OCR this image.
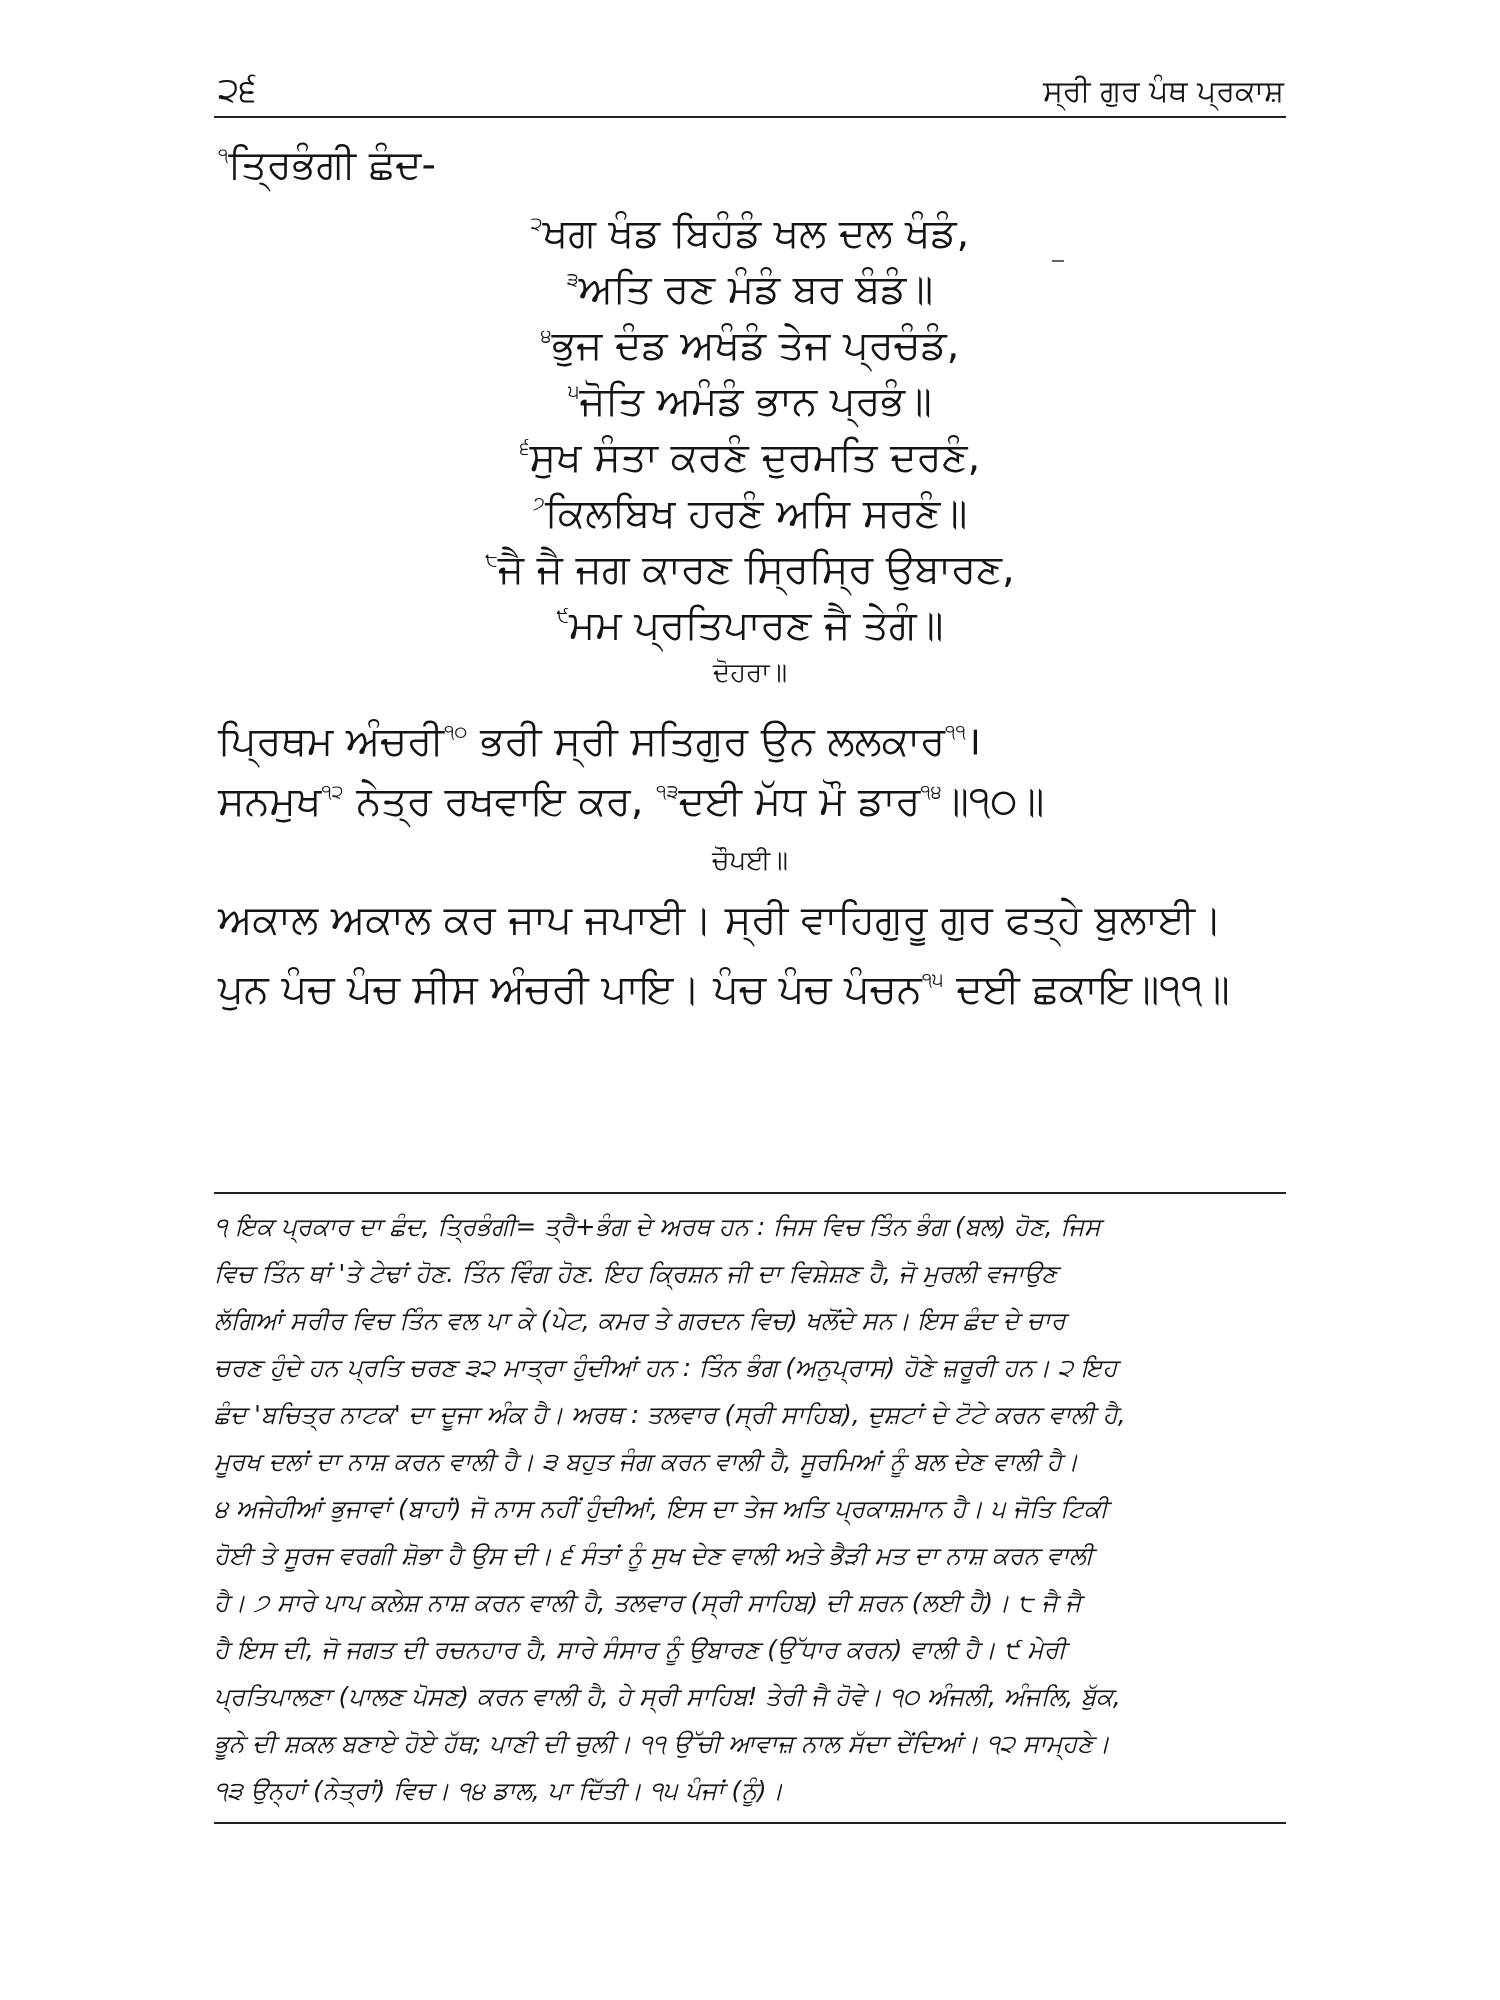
੨੬	ਸ੍ਰੀ ਗੁਰ ਪੰਥ ਪ੍ਰਕਾਸ਼
$^੧$ਤ੍ਰਿਭੰਗੀ ਛੰਦ-
$^੨$ਖਗ ਖੰਡ ਬਿਹੰਡੰ ਖਲ ਦਲ ਖੰਡੰ,
$^੩$ਅਤਿ ਰਣ ਮੰਡੰ ਬਰ ਬੰਡੰ॥
$^੪$ਭੁਜ ਦੰਡ ਅਖੰਡੰ ਤੇਜ ਪ੍ਰਚੰਡੰ,
$^੫$ਜੋਤਿ ਅਮੰਡੰ ਭਾਨ ਪ੍ਰਭੰ॥
$^੬$ਸੁਖ ਸੰਤਾ ਕਰਣੰ ਦੁਰਮਤਿ ਦਰਣੰ,
$^੭$ਕਿਲਬਿਖ ਹਰਣੰ ਅਸਿ ਸਰਣੰ॥
$^੮$ਜੈ ਜੈ ਜਗ ਕਾਰਣ ਸ੍ਰਿਸ੍ਰਿ ਉਬਾਰਣ,
$^੯$ਮਮ ਪ੍ਰਤਿਪਾਰਣ ਜੈ ਤੇਗੰ॥
ਦੋਹਰਾ॥
ਪ੍ਰਿਥਮ ਅੰਚਰੀ$^{੧੦}$ ਭਰੀ ਸ੍ਰੀ ਸਤਿਗੁਰ ਉਨ ਲਲਕਾਰ$^{੧੧}$।
ਸਨਮੁਖ$^{੧੨}$ ਨੇਤ੍ਰ ਰਖਵਾਇ ਕਰ, $^{੧੩}$ਦਈ ਮੱਧ ਮੌ ਡਾਰ$^{੧੪}$॥੧੦॥
ਚੌਪਈ॥
ਅਕਾਲ ਅਕਾਲ ਕਰ ਜਾਪ ਜਪਾਈ। ਸ੍ਰੀ ਵਾਹਿਗੁਰੂ ਗੁਰ ਫਤ੍ਹੇ ਬੁਲਾਈ।
ਪੁਨ ਪੰਚ ਪੰਚ ਸੀਸ ਅੰਚਰੀ ਪਾਇ। ਪੰਚ ਪੰਚ ਪੰਚਨ$^{੧੫}$ ਦਈ ਛਕਾਇ॥੧੧॥
੧ ਇਕ ਪ੍ਰਕਾਰ ਦਾ ਛੰਦ, ਤ੍ਰਿਭੰਗੀ= ਤ੍ਰੈ+ਭੰਗ ਦੇ ਅਰਥ ਹਨ : ਜਿਸ ਵਿਚ ਤਿੰਨ ਭੰਗ (ਬਲ) ਹੋਣ, ਜਿਸ
ਵਿਚ ਤਿੰਨ ਥਾਂ 'ਤੇ ਟੇਢਾਂ ਹੋਣ. ਤਿੰਨ ਵਿੰਗ ਹੋਣ. ਇਹ ਕ੍ਰਿਸ਼ਨ ਜੀ ਦਾ ਵਿਸ਼ੇਸ਼ਣ ਹੈ, ਜੋ ਮੁਰਲੀ ਵਜਾਉਣ
ਲੱਗਿਆਂ ਸਰੀਰ ਵਿਚ ਤਿੰਨ ਵਲ ਪਾ ਕੇ (ਪੇਟ, ਕਮਰ ਤੇ ਗਰਦਨ ਵਿਚ) ਖਲੋਂਦੇ ਸਨ। ਇਸ ਛੰਦ ਦੇ ਚਾਰ
ਚਰਣ ਹੁੰਦੇ ਹਨ ਪ੍ਰਤਿ ਚਰਣ ੩੨ ਮਾਤ੍ਰਾ ਹੁੰਦੀਆਂ ਹਨ : ਤਿੰਨ ਭੰਗ (ਅਨੁਪ੍ਰਾਸ) ਹੋਣੇ ਜ਼ਰੂਰੀ ਹਨ। ੨ ਇਹ
ਛੰਦ 'ਬਚਿਤ੍ਰ ਨਾਟਕ' ਦਾ ਦੂਜਾ ਅੰਕ ਹੈ। ਅਰਥ : ਤਲਵਾਰ (ਸ੍ਰੀ ਸਾਹਿਬ), ਦੁਸ਼ਟਾਂ ਦੇ ਟੋਟੇ ਕਰਨ ਵਾਲੀ ਹੈ,
ਮੂਰਖ ਦਲਾਂ ਦਾ ਨਾਸ਼ ਕਰਨ ਵਾਲੀ ਹੈ। ੩ ਬਹੁਤ ਜੰਗ ਕਰਨ ਵਾਲੀ ਹੈ, ਸੂਰਮਿਆਂ ਨੂੰ ਬਲ ਦੇਣ ਵਾਲੀ ਹੈ।
੪ ਅਜੇਹੀਆਂ ਭੁਜਾਵਾਂ (ਬਾਹਾਂ) ਜੋ ਨਾਸ ਨਹੀਂ ਹੁੰਦੀਆਂ, ਇਸ ਦਾ ਤੇਜ ਅਤਿ ਪ੍ਰਕਾਸ਼ਮਾਨ ਹੈ। ੫ ਜੋਤਿ ਟਿਕੀ
ਹੋਈ ਤੇ ਸੂਰਜ ਵਰਗੀ ਸ਼ੋਭਾ ਹੈ ਉਸ ਦੀ। ੬ ਸੰਤਾਂ ਨੂੰ ਸੁਖ ਦੇਣ ਵਾਲੀ ਅਤੇ ਭੈੜੀ ਮਤ ਦਾ ਨਾਸ਼ ਕਰਨ ਵਾਲੀ
ਹੈ। ੭ ਸਾਰੇ ਪਾਪ ਕਲੇਸ਼ ਨਾਸ਼ ਕਰਨ ਵਾਲੀ ਹੈ, ਤਲਵਾਰ (ਸ੍ਰੀ ਸਾਹਿਬ) ਦੀ ਸ਼ਰਨ (ਲਈ ਹੈ)। ੮ ਜੈ ਜੈ
ਹੈ ਇਸ ਦੀ, ਜੋ ਜਗਤ ਦੀ ਰਚਨਹਾਰ ਹੈ, ਸਾਰੇ ਸੰਸਾਰ ਨੂੰ ਉਬਾਰਣ (ਉੱਧਾਰ ਕਰਨ) ਵਾਲੀ ਹੈ। ੯ ਮੇਰੀ
ਪ੍ਰਤਿਪਾਲਣਾ (ਪਾਲਣ ਪੋਸਣ) ਕਰਨ ਵਾਲੀ ਹੈ, ਹੇ ਸ੍ਰੀ ਸਾਹਿਬ! ਤੇਰੀ ਜੈ ਹੋਵੇ। ੧੦ ਅੰਜਲੀ, ਅੰਜਲਿ, ਬੁੱਕ,
ਭੂਨੇ ਦੀ ਸ਼ਕਲ ਬਣਾਏ ਹੋਏ ਹੱਥ; ਪਾਣੀ ਦੀ ਚੁਲੀ। ੧੧ ਉੱਚੀ ਆਵਾਜ਼ ਨਾਲ ਸੱਦਾ ਦੇਂਦਿਆਂ। ੧੨ ਸਾਮ੍ਹਣੇ।
੧੩ ਉਨ੍ਹਾਂ (ਨੇਤ੍ਰਾਂ) ਵਿਚ। ੧੪ ਡਾਲ, ਪਾ ਦਿੱਤੀ। ੧੫ ਪੰਜਾਂ (ਨੂੰ)।
